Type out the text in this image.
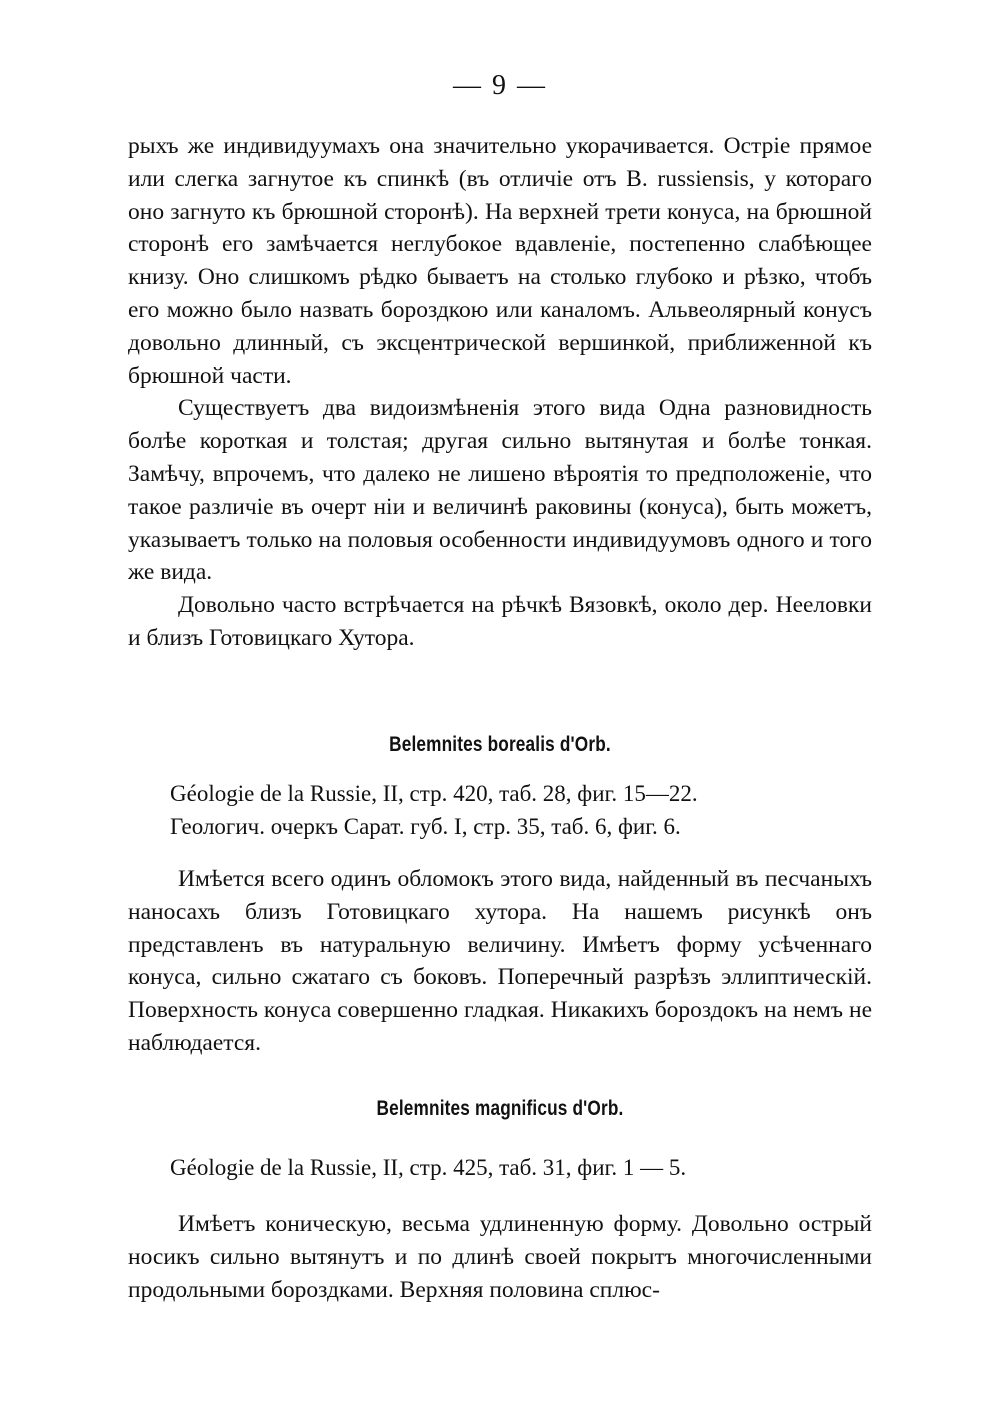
— 9 —

рыхъ же индивидуумахъ она значительно укорачивается. Остріе прямое или слегка загнутое къ спинкѣ (въ отличіе отъ B. russiensis, у котораго оно загнуто къ брюшной сторонѣ). На верхней трети конуса, на брюшной сторонѣ его замѣчается неглубокое вдавленіе, постепенно слабѣющее книзу. Оно слишкомъ рѣдко бываетъ на столько глубоко и рѣзко, чтобъ его можно было назвать бороздкою или каналомъ. Альвеолярный конусъ довольно длинный, съ эксцентрической вершинкой, приближенной къ брюшной части.

Существуетъ два видоизмѣненія этого вида Одна разновидность болѣе короткая и толстая; другая сильно вытянутая и болѣе тонкая. Замѣчу, впрочемъ, что далеко не лишено вѣроятія то предположеніе, что такое различіе въ очерт ніи и величинѣ раковины (конуса), быть можетъ, указываетъ только на половыя особенности индивидуумовъ одного и того же вида.

Довольно часто встрѣчается на рѣчкѣ Вязовкѣ, около дер. Нееловки и близъ Готовицкаго Хутора.

Belemnites borealis d'Orb.
Géologie de la Russie, II, стр. 420, таб. 28, фиг. 15—22.
Геологич. очеркъ Сарат. губ. I, стр. 35, таб. 6, фиг. 6.

Имѣется всего одинъ обломокъ этого вида, найденный въ песчаныхъ наносахъ близъ Готовицкаго хутора. На нашемъ рисункѣ онъ представленъ въ натуральную величину. Имѣетъ форму усѣченнаго конуса, сильно сжатаго съ боковъ. Поперечный разрѣзъ эллиптическій. Поверхность конуса совершенно гладкая. Никакихъ бороздокъ на немъ не наблюдается.

Belemnites magnificus d'Orb.
Géologie de la Russie, II, стр. 425, таб. 31, фиг. 1 — 5.

Имѣетъ коническую, весьма удлиненную форму. Довольно острый носикъ сильно вытянутъ и по длинѣ своей покрытъ многочисленными продольными бороздками. Верхняя половина сплюс-
